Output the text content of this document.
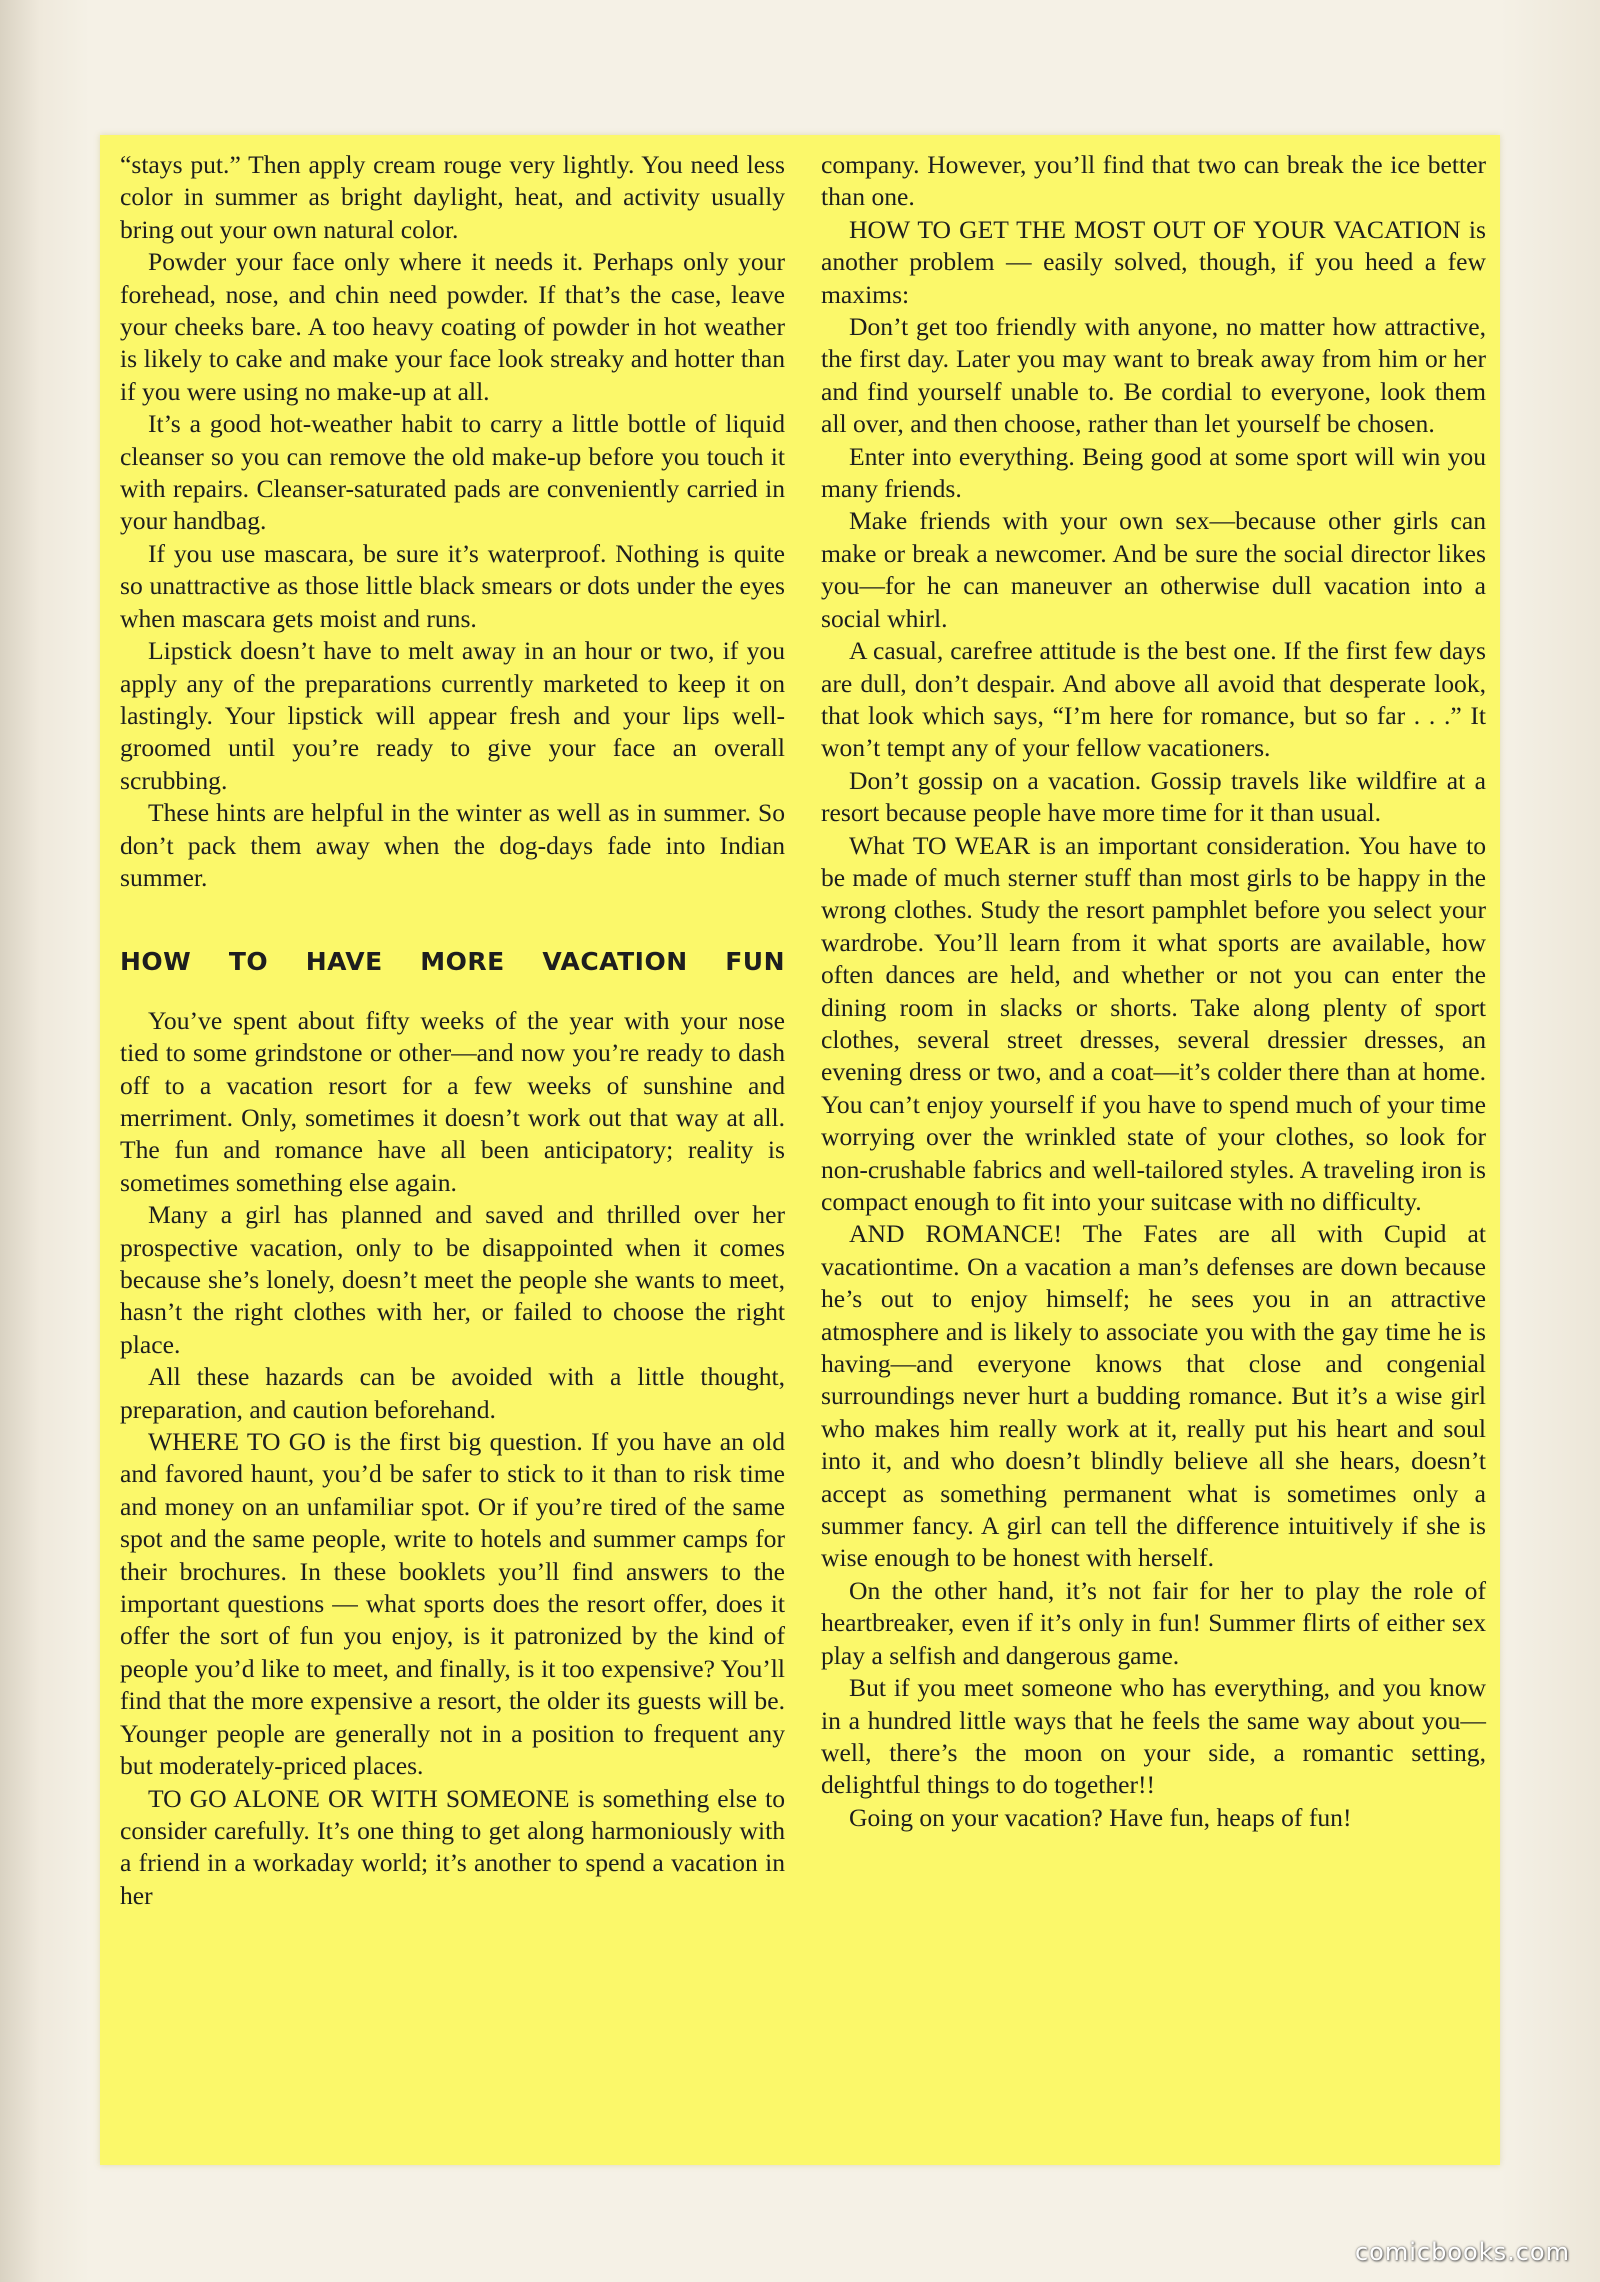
“stays put.” Then apply cream rouge very lightly. You need less color in summer as bright daylight, heat, and activity usually bring out your own natural color.

Powder your face only where it needs it. Perhaps only your forehead, nose, and chin need powder. If that’s the case, leave your cheeks bare. A too heavy coating of powder in hot weather is likely to cake and make your face look streaky and hotter than if you were using no make-up at all.

It’s a good hot-weather habit to carry a little bottle of liquid cleanser so you can remove the old make-up before you touch it with repairs. Cleanser-saturated pads are conveniently carried in your handbag.

If you use mascara, be sure it’s waterproof. Nothing is quite so unattractive as those little black smears or dots under the eyes when mascara gets moist and runs.

Lipstick doesn’t have to melt away in an hour or two, if you apply any of the preparations currently marketed to keep it on lastingly. Your lipstick will appear fresh and your lips well-groomed until you’re ready to give your face an overall scrubbing.

These hints are helpful in the winter as well as in summer. So don’t pack them away when the dog-days fade into Indian summer.

HOW TO HAVE MORE VACATION FUN

You’ve spent about fifty weeks of the year with your nose tied to some grindstone or other—and now you’re ready to dash off to a vacation resort for a few weeks of sunshine and merriment. Only, sometimes it doesn’t work out that way at all. The fun and romance have all been anticipatory; reality is sometimes something else again.

Many a girl has planned and saved and thrilled over her prospective vacation, only to be disappointed when it comes because she’s lonely, doesn’t meet the people she wants to meet, hasn’t the right clothes with her, or failed to choose the right place.

All these hazards can be avoided with a little thought, preparation, and caution beforehand.

WHERE TO GO is the first big question. If you have an old and favored haunt, you’d be safer to stick to it than to risk time and money on an unfamiliar spot. Or if you’re tired of the same spot and the same people, write to hotels and summer camps for their brochures. In these booklets you’ll find answers to the important questions — what sports does the resort offer, does it offer the sort of fun you enjoy, is it patronized by the kind of people you’d like to meet, and finally, is it too expensive? You’ll find that the more expensive a resort, the older its guests will be. Younger people are generally not in a position to frequent any but moderately-priced places.

TO GO ALONE OR WITH SOMEONE is something else to consider carefully. It’s one thing to get along harmoniously with a friend in a workaday world; it’s another to spend a vacation in her

company. However, you’ll find that two can break the ice better than one.

HOW TO GET THE MOST OUT OF YOUR VACATION is another problem — easily solved, though, if you heed a few maxims:

Don’t get too friendly with anyone, no matter how attractive, the first day. Later you may want to break away from him or her and find yourself unable to. Be cordial to everyone, look them all over, and then choose, rather than let yourself be chosen.

Enter into everything. Being good at some sport will win you many friends.

Make friends with your own sex—because other girls can make or break a newcomer. And be sure the social director likes you—for he can maneuver an otherwise dull vacation into a social whirl.

A casual, carefree attitude is the best one. If the first few days are dull, don’t despair. And above all avoid that desperate look, that look which says, “I’m here for romance, but so far . . .” It won’t tempt any of your fellow vacationers.

Don’t gossip on a vacation. Gossip travels like wildfire at a resort because people have more time for it than usual.

What TO WEAR is an important consideration. You have to be made of much sterner stuff than most girls to be happy in the wrong clothes. Study the resort pamphlet before you select your wardrobe. You’ll learn from it what sports are available, how often dances are held, and whether or not you can enter the dining room in slacks or shorts. Take along plenty of sport clothes, several street dresses, several dressier dresses, an evening dress or two, and a coat—it’s colder there than at home. You can’t enjoy yourself if you have to spend much of your time worrying over the wrinkled state of your clothes, so look for non-crushable fabrics and well-tailored styles. A traveling iron is compact enough to fit into your suitcase with no difficulty.

AND ROMANCE! The Fates are all with Cupid at vacationtime. On a vacation a man’s defenses are down because he’s out to enjoy himself; he sees you in an attractive atmosphere and is likely to associate you with the gay time he is having—and everyone knows that close and congenial surroundings never hurt a budding romance. But it’s a wise girl who makes him really work at it, really put his heart and soul into it, and who doesn’t blindly believe all she hears, doesn’t accept as something permanent what is sometimes only a summer fancy. A girl can tell the difference intuitively if she is wise enough to be honest with herself.

On the other hand, it’s not fair for her to play the role of heartbreaker, even if it’s only in fun! Summer flirts of either sex play a selfish and dangerous game.

But if you meet someone who has everything, and you know in a hundred little ways that he feels the same way about you—well, there’s the moon on your side, a romantic setting, delightful things to do together!!

Going on your vacation? Have fun, heaps of fun!

comicbooks.com
